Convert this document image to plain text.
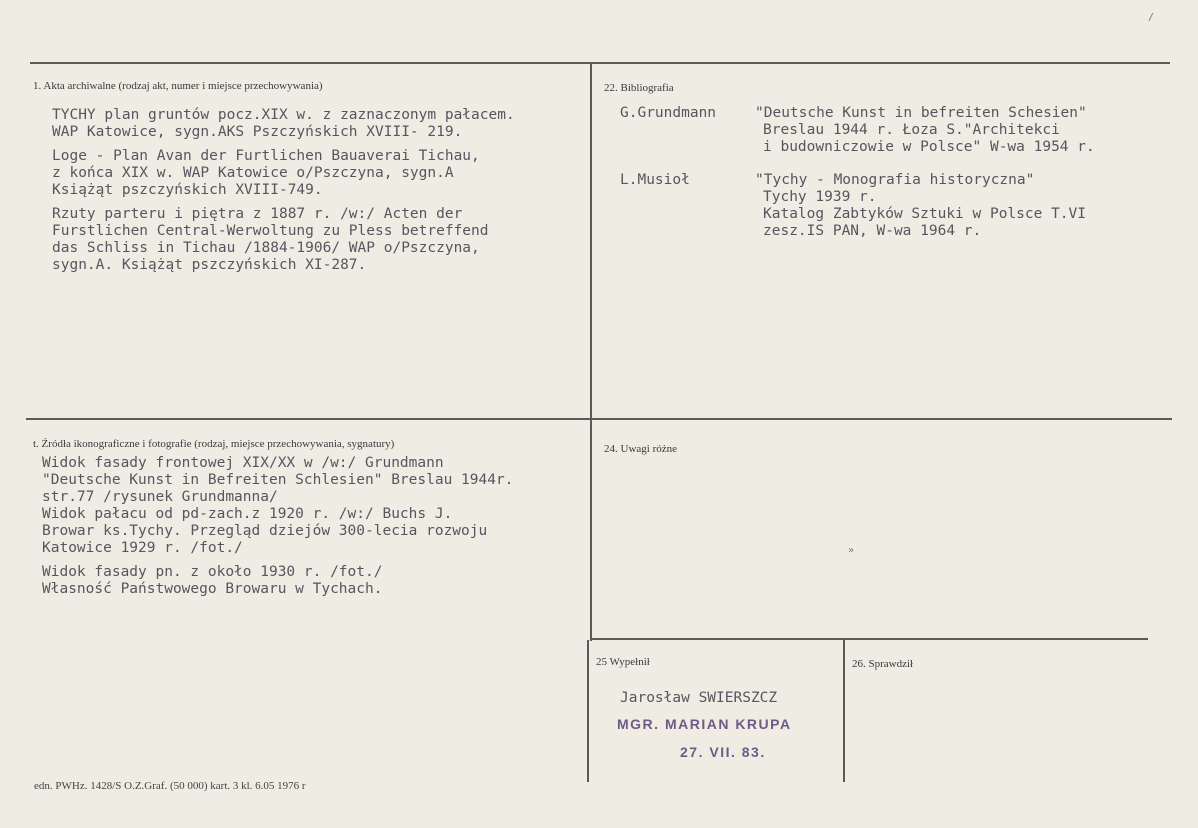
1. Akta archiwalne (rodzaj akt, numer i miejsce przechowywania)
TYCHY plan gruntów pocz.XIX w. z zaznaczonym pałacem.
WAP Katowice, sygn.AKS Pszczyńskich XVIII- 219.
Loge - Plan Avan der Furtlichen Bauaverai Tichau,
z końca XIX w. WAP Katowice o/Pszczyna, sygn.A
Książąt pszczyńskich XVIII-749.
Rzuty parteru i piętra z 1887 r. /w:/ Acten der
Furstlichen Central-Werwoltung zu Pless betreffend
das Schliss in Tichau /1884-1906/ WAP o/Pszczyna,
sygn.A. Książąt pszczyńskich XI-287.
22. Bibliografia
G.Grundmann	"Deutsche Kunst in befreiten Schesien"
Breslau 1944 r. Łoza S."Architekci
i budowniczowie w Polsce" W-wa 1954 r.
L.Musioł	"Tychy - Monografia historyczna"
Tychy 1939 r.
Katalog Zabtyków Sztuki w Polsce T.VI
zesz.IS PAN, W-wa 1964 r.
t. Źródła ikonograficzne i fotografie (rodzaj, miejsce przechowywania, sygnatury)
Widok fasady frontowej XIX/XX w /w:/ Grundmann
"Deutsche Kunst in Befreiten Schlesien" Breslau 1944r.
str.77 /rysunek Grundmanna/
Widok pałacu od pd-zach.z 1920 r. /w:/ Buchs J.
Browar ks.Tychy. Przegląd dziejów 300-lecia rozwoju
Katowice 1929 r. /fot./
Widok fasady pn. z około 1930 r. /fot./
Własność Państwowego Browaru w Tychach.
24. Uwagi różne
25 Wypełnił
Jarosław SWIERSZCZ
MGR. MARIAN KRUPA
27. VII. 83.
26. Sprawdził
edn. PWHz. 1428/S O.Z.Graf. (50 000) kart. 3 kl. 6.05 1976 r
/
»
